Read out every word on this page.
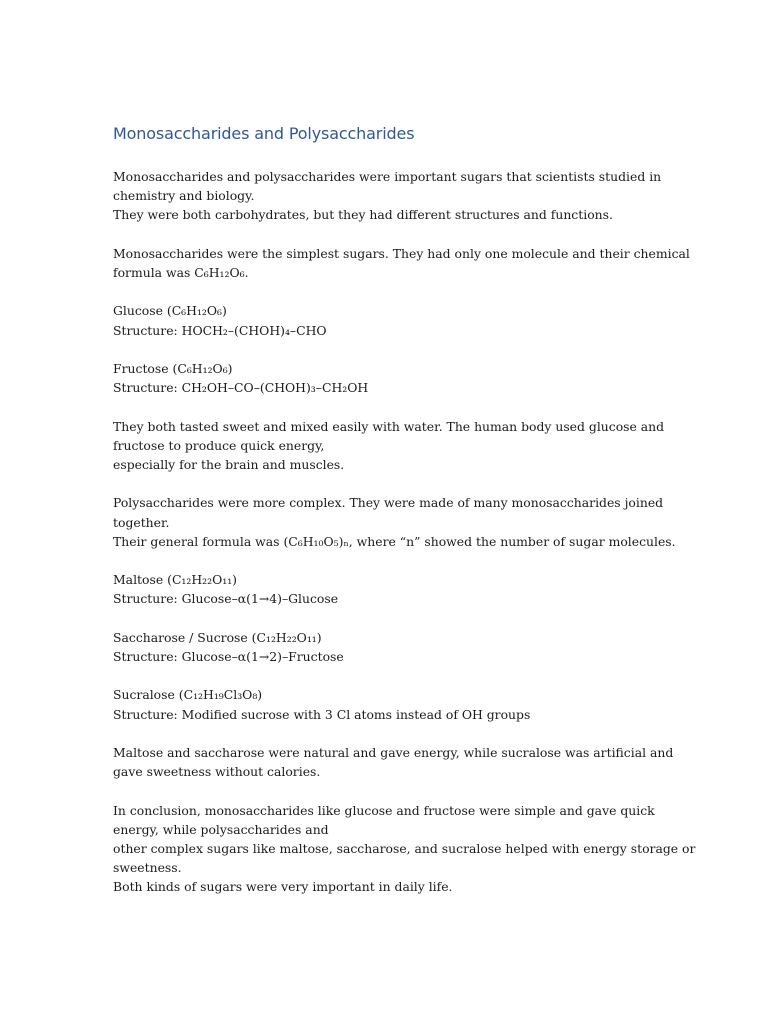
Monosaccharides and Polysaccharides

Monosaccharides and polysaccharides were important sugars that scientists studied in
chemistry and biology.
They were both carbohydrates, but they had different structures and functions.

Monosaccharides were the simplest sugars. They had only one molecule and their chemical
formula was C₆H₁₂O₆.

Glucose (C₆H₁₂O₆)
Structure: HOCH₂–(CHOH)₄–CHO

Fructose (C₆H₁₂O₆)
Structure: CH₂OH–CO–(CHOH)₃–CH₂OH

They both tasted sweet and mixed easily with water. The human body used glucose and
fructose to produce quick energy,
especially for the brain and muscles.

Polysaccharides were more complex. They were made of many monosaccharides joined
together.
Their general formula was (C₆H₁₀O₅)ₙ, where “n” showed the number of sugar molecules.

Maltose (C₁₂H₂₂O₁₁)
Structure: Glucose–α(1→4)–Glucose

Saccharose / Sucrose (C₁₂H₂₂O₁₁)
Structure: Glucose–α(1→2)–Fructose

Sucralose (C₁₂H₁₉Cl₃O₈)
Structure: Modified sucrose with 3 Cl atoms instead of OH groups

Maltose and saccharose were natural and gave energy, while sucralose was artificial and
gave sweetness without calories.

In conclusion, monosaccharides like glucose and fructose were simple and gave quick
energy, while polysaccharides and
other complex sugars like maltose, saccharose, and sucralose helped with energy storage or
sweetness.
Both kinds of sugars were very important in daily life.
